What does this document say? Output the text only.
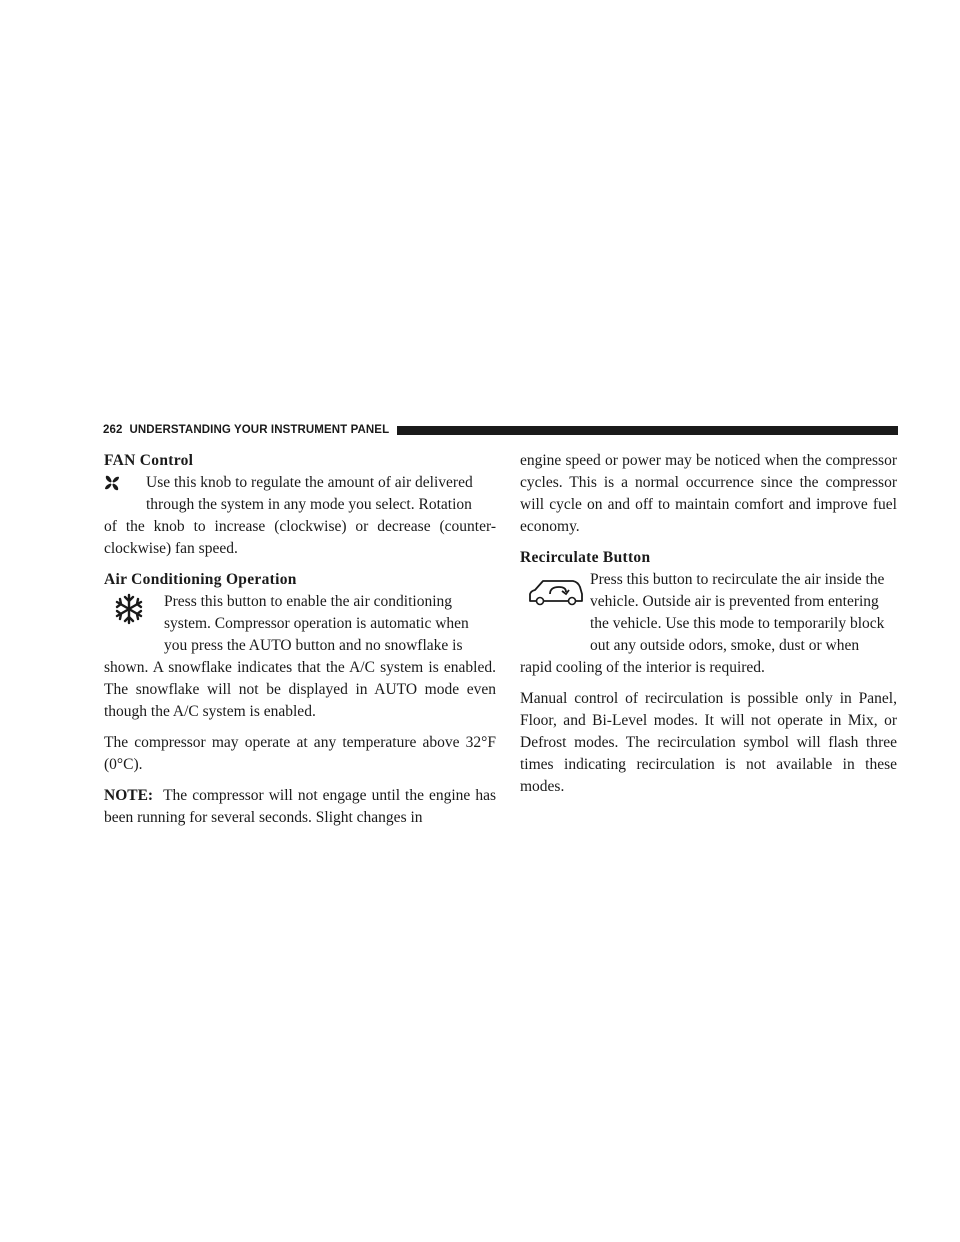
262 UNDERSTANDING YOUR INSTRUMENT PANEL
FAN Control
Use this knob to regulate the amount of air delivered
through the system in any mode you select. Rotation

of the knob to increase (clockwise) or decrease (counter-clockwise) fan speed.

Air Conditioning Operation
Press this button to enable the air conditioning
system. Compressor operation is automatic when
you press the AUTO button and no snowflake is

shown. A snowflake indicates that the A/C system is enabled. The snowflake will not be displayed in AUTO mode even though the A/C system is enabled.

The compressor may operate at any temperature above 32°F (0°C).

NOTE: The compressor will not engage until the engine has been running for several seconds. Slight changes in

engine speed or power may be noticed when the compressor cycles. This is a normal occurrence since the compressor will cycle on and off to maintain comfort and improve fuel economy.

Recirculate Button
Press this button to recirculate the air inside the
vehicle. Outside air is prevented from entering
the vehicle. Use this mode to temporarily block
out any outside odors, smoke, dust or when

rapid cooling of the interior is required.

Manual control of recirculation is possible only in Panel, Floor, and Bi-Level modes. It will not operate in Mix, or Defrost modes. The recirculation symbol will flash three times indicating recirculation is not available in these modes.
